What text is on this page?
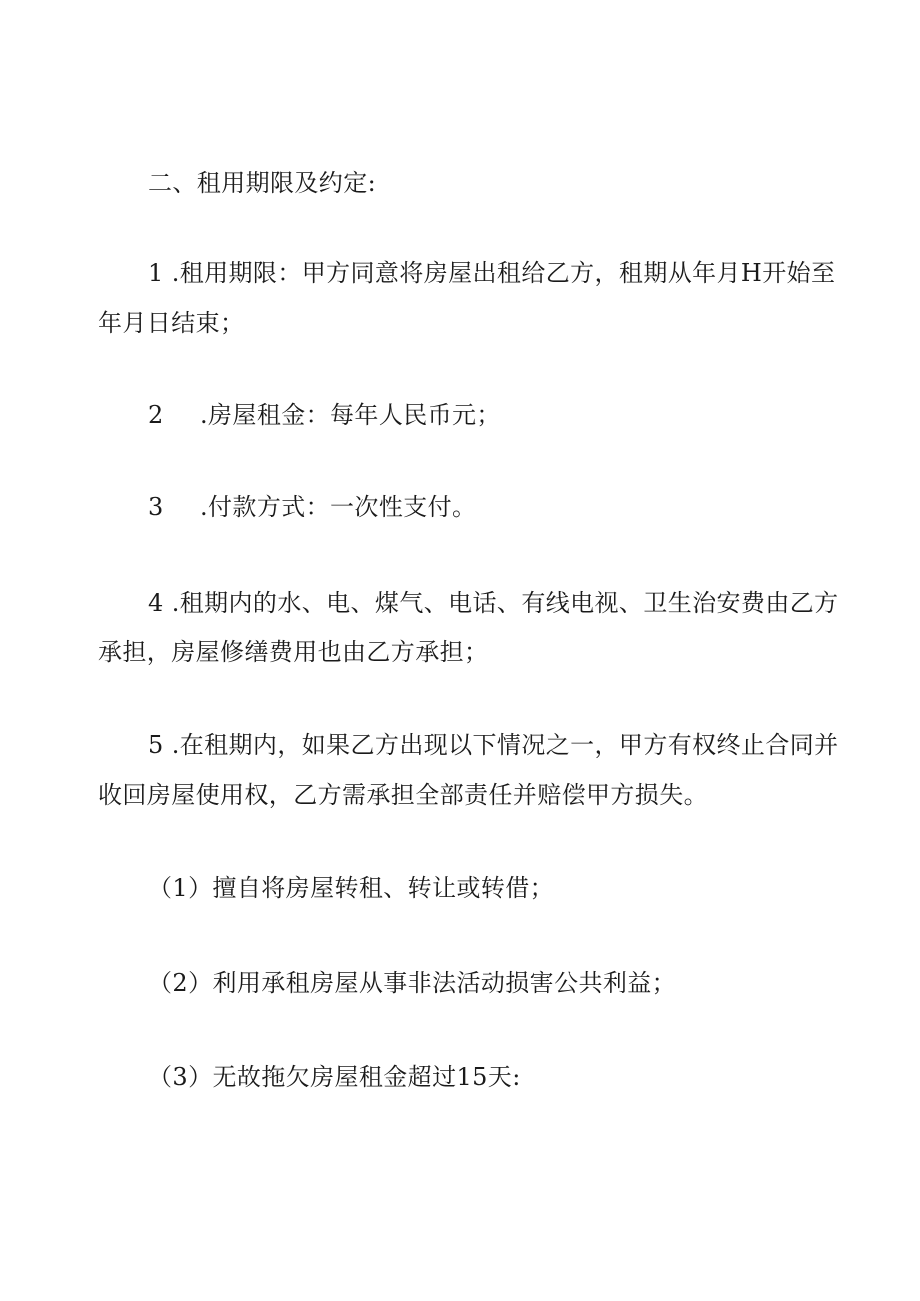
二、租用期限及约定:

1 .租用期限：甲方同意将房屋出租给乙方，租期从年月H开始至

年月日结束；

2 .房屋租金：每年人民币元；

3 .付款方式：一次性支付。

4 .租期内的水、电、煤气、电话、有线电视、卫生治安费由乙方

承担，房屋修缮费用也由乙方承担；

5 .在租期内，如果乙方出现以下情况之一，甲方有权终止合同并

收回房屋使用权，乙方需承担全部责任并赔偿甲方损失。

（1）擅自将房屋转租、转让或转借；

（2）利用承租房屋从事非法活动损害公共利益；

（3）无故拖欠房屋租金超过15天:
